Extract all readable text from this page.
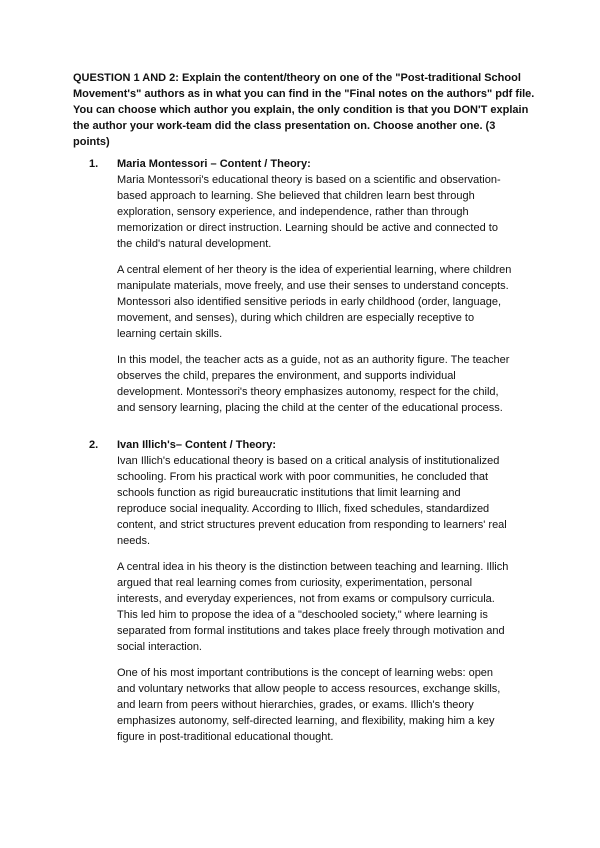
QUESTION 1 AND 2: Explain the content/theory on one of the "Post-traditional School Movement's" authors as in what you can find in the "Final notes on the authors" pdf file. You can choose which author you explain, the only condition is that you DON'T explain the author your work-team did the class presentation on. Choose another one. (3 points)
1. Maria Montessori – Content / Theory:

Maria Montessori's educational theory is based on a scientific and observation-based approach to learning. She believed that children learn best through exploration, sensory experience, and independence, rather than through memorization or direct instruction. Learning should be active and connected to the child's natural development.

A central element of her theory is the idea of experiential learning, where children manipulate materials, move freely, and use their senses to understand concepts. Montessori also identified sensitive periods in early childhood (order, language, movement, and senses), during which children are especially receptive to learning certain skills.

In this model, the teacher acts as a guide, not as an authority figure. The teacher observes the child, prepares the environment, and supports individual development. Montessori's theory emphasizes autonomy, respect for the child, and sensory learning, placing the child at the center of the educational process.

2. Ivan Illich's– Content / Theory:

Ivan Illich's educational theory is based on a critical analysis of institutionalized schooling. From his practical work with poor communities, he concluded that schools function as rigid bureaucratic institutions that limit learning and reproduce social inequality. According to Illich, fixed schedules, standardized content, and strict structures prevent education from responding to learners' real needs.

A central idea in his theory is the distinction between teaching and learning. Illich argued that real learning comes from curiosity, experimentation, personal interests, and everyday experiences, not from exams or compulsory curricula. This led him to propose the idea of a "deschooled society," where learning is separated from formal institutions and takes place freely through motivation and social interaction.

One of his most important contributions is the concept of learning webs: open and voluntary networks that allow people to access resources, exchange skills, and learn from peers without hierarchies, grades, or exams. Illich's theory emphasizes autonomy, self-directed learning, and flexibility, making him a key figure in post-traditional educational thought.
